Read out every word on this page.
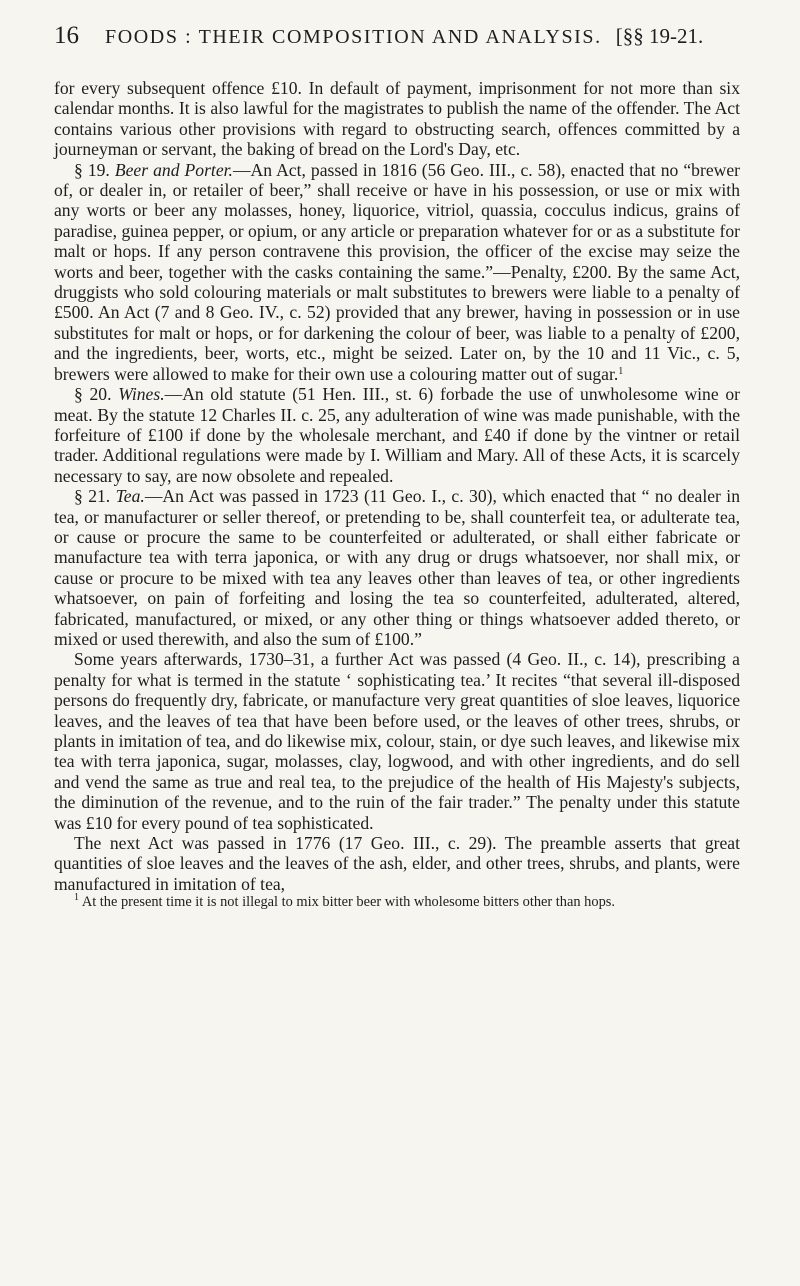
16 FOODS : THEIR COMPOSITION AND ANALYSIS. [§§ 19-21.

for every subsequent offence £10. In default of payment, imprisonment for not more than six calendar months. It is also lawful for the magistrates to publish the name of the offender. The Act contains various other provisions with regard to obstructing search, offences committed by a journeyman or servant, the baking of bread on the Lord's Day, etc.

§ 19. Beer and Porter.—An Act, passed in 1816 (56 Geo. III., c. 58), enacted that no “brewer of, or dealer in, or retailer of beer,” shall receive or have in his possession, or use or mix with any worts or beer any molasses, honey, liquorice, vitriol, quassia, cocculus indicus, grains of paradise, guinea pepper, or opium, or any article or preparation whatever for or as a substitute for malt or hops. If any person contravene this provision, the officer of the excise may seize the worts and beer, together with the casks containing the same.”—Penalty, £200. By the same Act, druggists who sold colouring materials or malt substitutes to brewers were liable to a penalty of £500. An Act (7 and 8 Geo. IV., c. 52) provided that any brewer, having in possession or in use substitutes for malt or hops, or for darkening the colour of beer, was liable to a penalty of £200, and the ingredients, beer, worts, etc., might be seized. Later on, by the 10 and 11 Vic., c. 5, brewers were allowed to make for their own use a colouring matter out of sugar.$^1$

§ 20. Wines.—An old statute (51 Hen. III., st. 6) forbade the use of unwholesome wine or meat. By the statute 12 Charles II. c. 25, any adulteration of wine was made punishable, with the forfeiture of £100 if done by the wholesale merchant, and £40 if done by the vintner or retail trader. Additional regulations were made by I. William and Mary. All of these Acts, it is scarcely necessary to say, are now obsolete and repealed.

§ 21. Tea.—An Act was passed in 1723 (11 Geo. I., c. 30), which enacted that “ no dealer in tea, or manufacturer or seller thereof, or pretending to be, shall counterfeit tea, or adulterate tea, or cause or procure the same to be counterfeited or adulterated, or shall either fabricate or manufacture tea with terra japonica, or with any drug or drugs whatsoever, nor shall mix, or cause or procure to be mixed with tea any leaves other than leaves of tea, or other ingredients whatsoever, on pain of forfeiting and losing the tea so counterfeited, adulterated, altered, fabricated, manufactured, or mixed, or any other thing or things whatsoever added thereto, or mixed or used therewith, and also the sum of £100.”

Some years afterwards, 1730–31, a further Act was passed (4 Geo. II., c. 14), prescribing a penalty for what is termed in the statute ‘ sophisticating tea.’ It recites “that several ill-disposed persons do frequently dry, fabricate, or manufacture very great quantities of sloe leaves, liquorice leaves, and the leaves of tea that have been before used, or the leaves of other trees, shrubs, or plants in imitation of tea, and do likewise mix, colour, stain, or dye such leaves, and likewise mix tea with terra japonica, sugar, molasses, clay, logwood, and with other ingredients, and do sell and vend the same as true and real tea, to the prejudice of the health of His Majesty's subjects, the diminution of the revenue, and to the ruin of the fair trader.” The penalty under this statute was £10 for every pound of tea sophisticated.

The next Act was passed in 1776 (17 Geo. III., c. 29). The preamble asserts that great quantities of sloe leaves and the leaves of the ash, elder, and other trees, shrubs, and plants, were manufactured in imitation of tea,

$^1$ At the present time it is not illegal to mix bitter beer with wholesome bitters other than hops.
